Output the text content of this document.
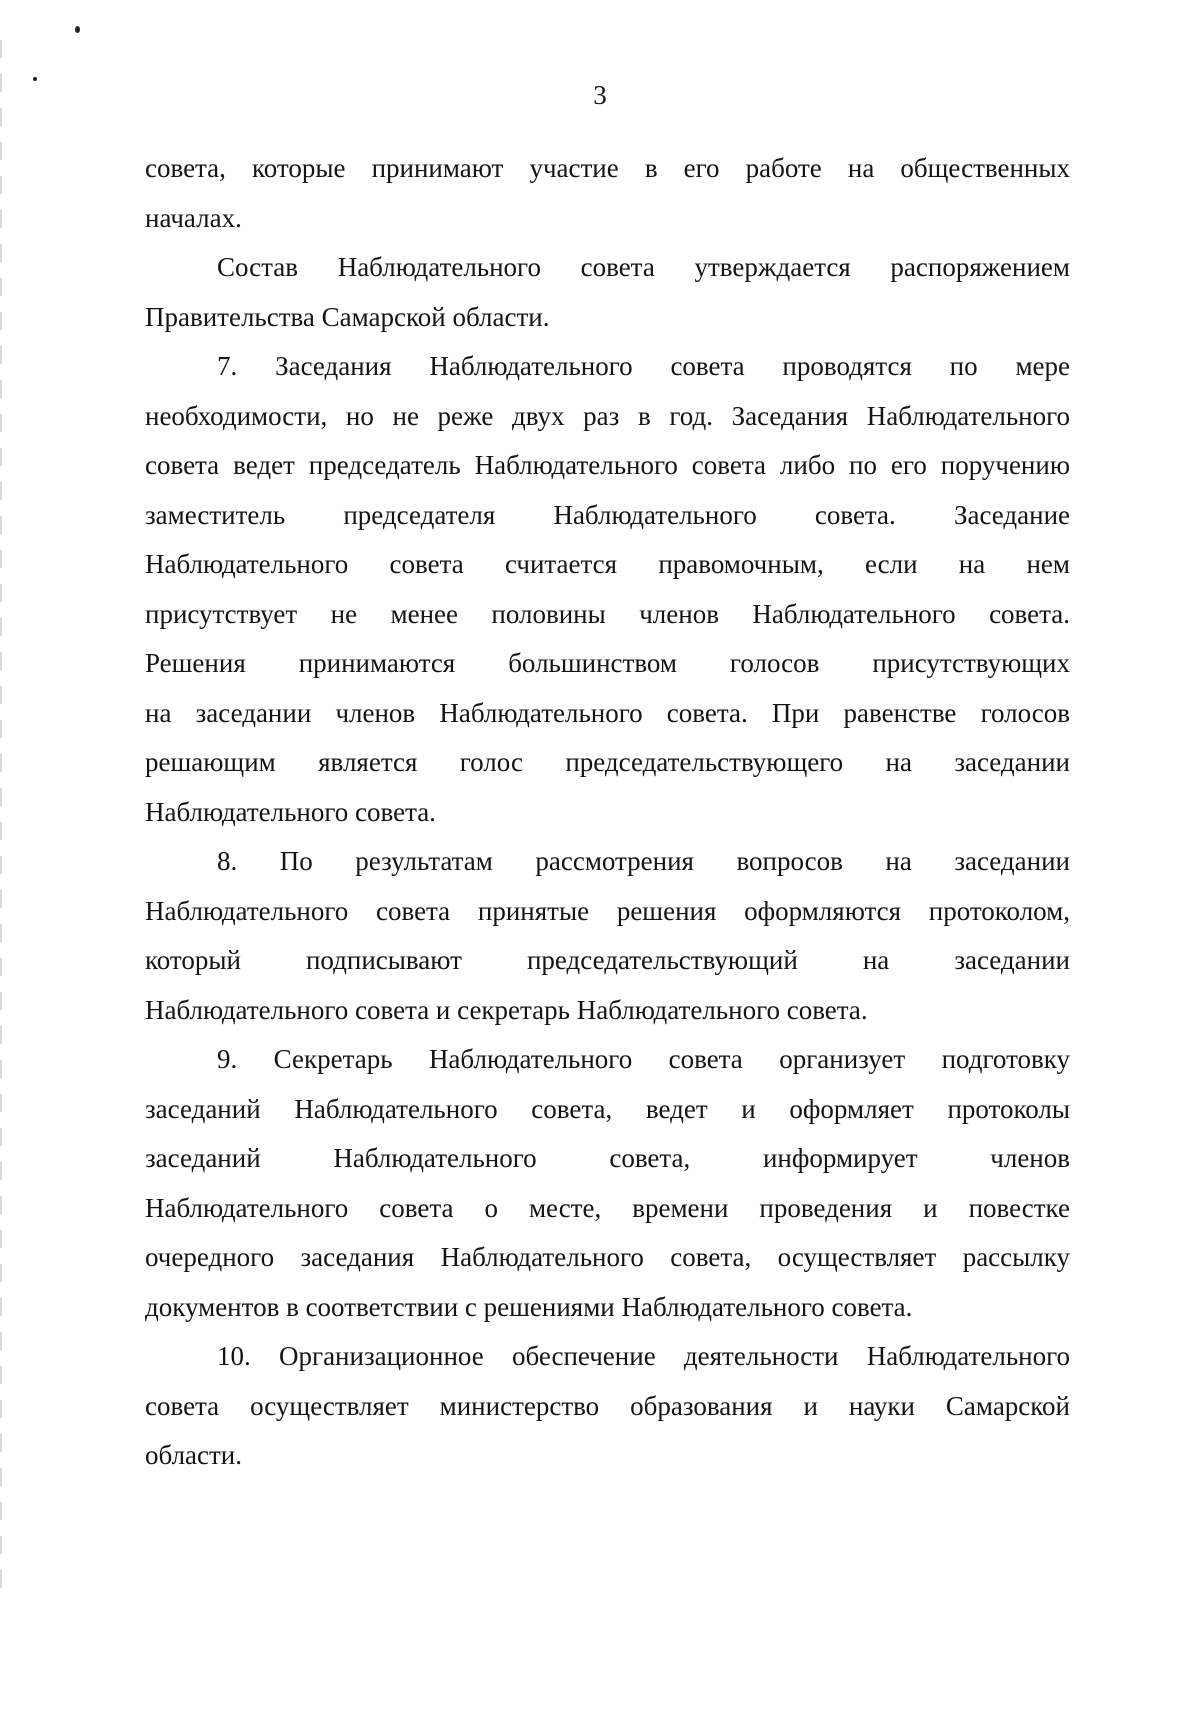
3

совета, которые принимают участие в его работе на общественных
началах.

Состав Наблюдательного совета утверждается распоряжением
Правительства Самарской области.

7. Заседания Наблюдательного совета проводятся по мере
необходимости, но не реже двух раз в год. Заседания Наблюдательного
совета ведет председатель Наблюдательного совета либо по его поручению
заместитель председателя Наблюдательного совета. Заседание
Наблюдательного совета считается правомочным, если на нем
присутствует не менее половины членов Наблюдательного совета.
Решения принимаются большинством голосов присутствующих
на заседании членов Наблюдательного совета. При равенстве голосов
решающим является голос председательствующего на заседании
Наблюдательного совета.

8. По результатам рассмотрения вопросов на заседании
Наблюдательного совета принятые решения оформляются протоколом,
который подписывают председательствующий на заседании
Наблюдательного совета и секретарь Наблюдательного совета.

9. Секретарь Наблюдательного совета организует подготовку
заседаний Наблюдательного совета, ведет и оформляет протоколы
заседаний Наблюдательного совета, информирует членов
Наблюдательного совета о месте, времени проведения и повестке
очередного заседания Наблюдательного совета, осуществляет рассылку
документов в соответствии с решениями Наблюдательного совета.

10. Организационное обеспечение деятельности Наблюдательного
совета осуществляет министерство образования и науки Самарской
области.
